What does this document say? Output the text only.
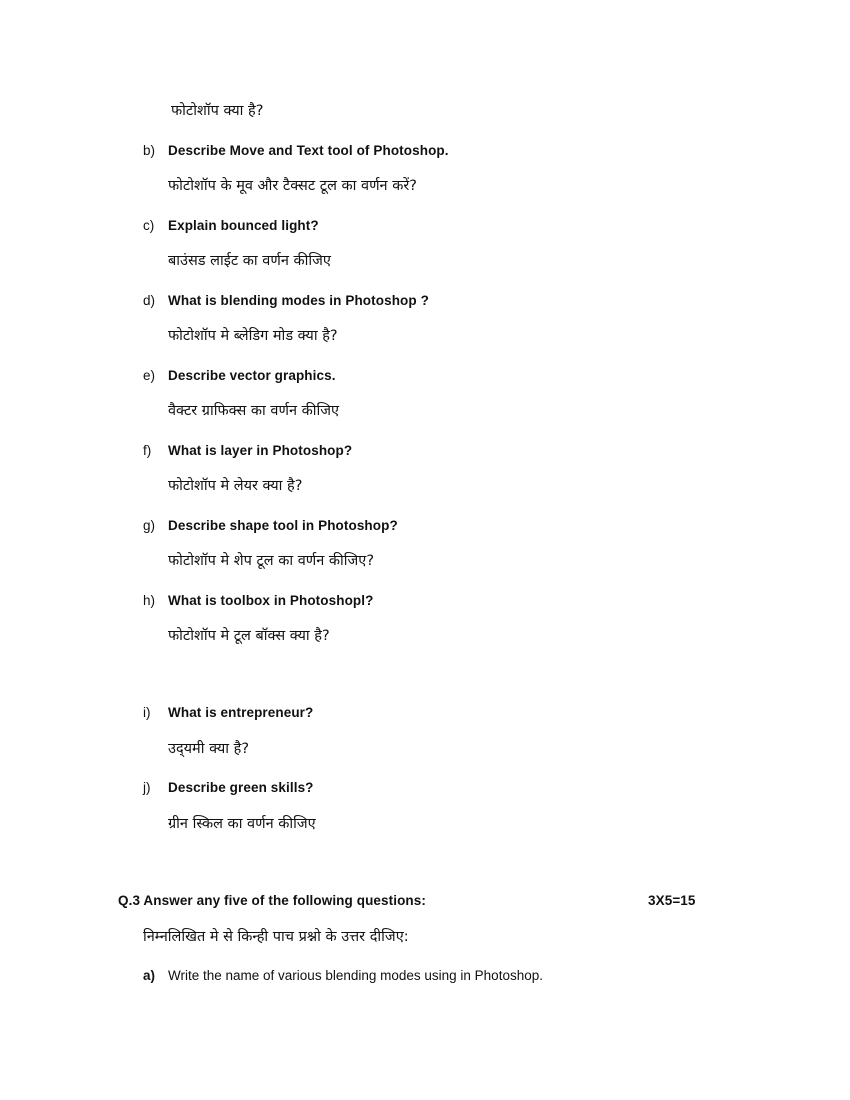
फोटोशॉप क्या है?
b) Describe Move and Text tool of Photoshop.
फोटोशॉप के मूव और टैक्सट टूल का वर्णन करें?
c) Explain bounced light?
बाउंसड लाईट का वर्णन कीजिए
d) What is blending modes in Photoshop ?
फोटोशॉप मे ब्लेडिग मोड क्या है?
e) Describe vector graphics.
वैक्टर ग्राफिक्स का वर्णन कीजिए
f) What is layer in Photoshop?
फोटोशॉप मे लेयर क्या है?
g) Describe shape tool in Photoshop?
फोटोशॉप मे शेप टूल का वर्णन कीजिए?
h) What is toolbox in Photoshopl?
फोटोशॉप मे टूल बॉक्स क्या है?
i) What is entrepreneur?
उद्‍यमी क्या है?
j) Describe green skills?
ग्रीन स्किल का वर्णन कीजिए
Q.3 Answer any five of the following questions:	3X5=15
निम्नलिखित मे से किन्ही पाच प्रश्नो के उत्तर दीजिए:
a) Write the name of various blending modes using in Photoshop.
